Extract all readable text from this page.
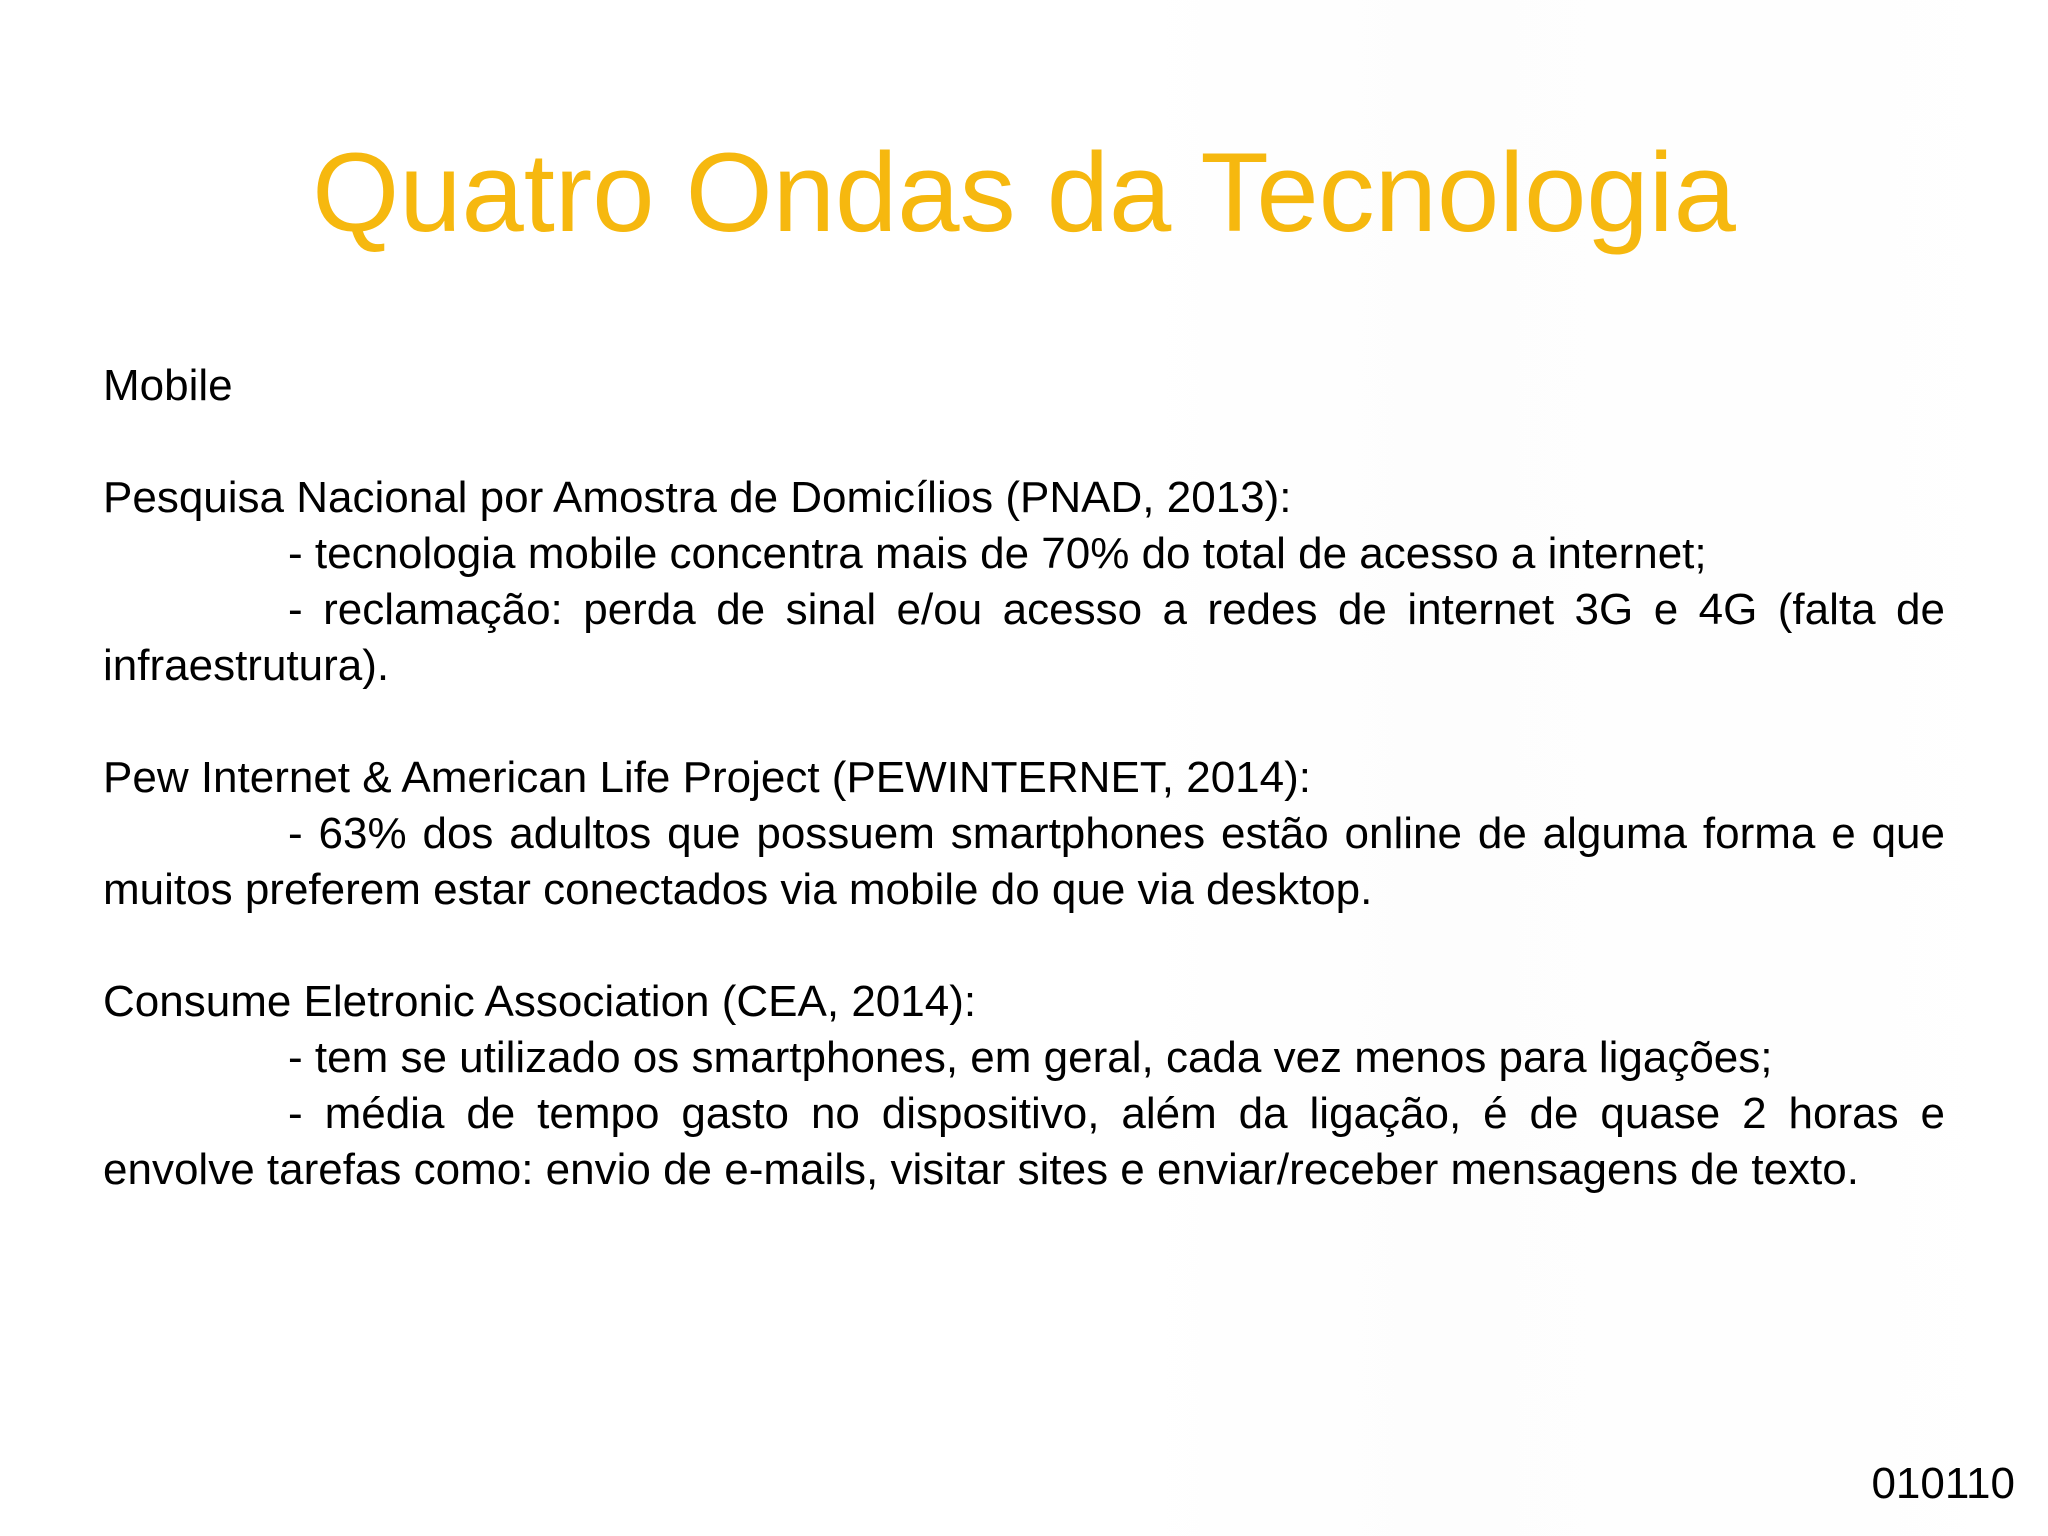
Quatro Ondas da Tecnologia

Mobile

Pesquisa Nacional por Amostra de Domicílios (PNAD, 2013):

- tecnologia mobile concentra mais de 70% do total de acesso a internet;

- reclamação: perda de sinal e/ou acesso a redes de internet 3G e 4G (falta de infraestrutura).

Pew Internet & American Life Project (PEWINTERNET, 2014):

- 63% dos adultos que possuem smartphones estão online de alguma forma e que muitos preferem estar conectados via mobile do que via desktop.

Consume Eletronic Association (CEA, 2014):

- tem se utilizado os smartphones, em geral, cada vez menos para ligações;

- média de tempo gasto no dispositivo, além da ligação, é de quase 2 horas e envolve tarefas como: envio de e-mails, visitar sites e enviar/receber mensagens de texto.

010110
